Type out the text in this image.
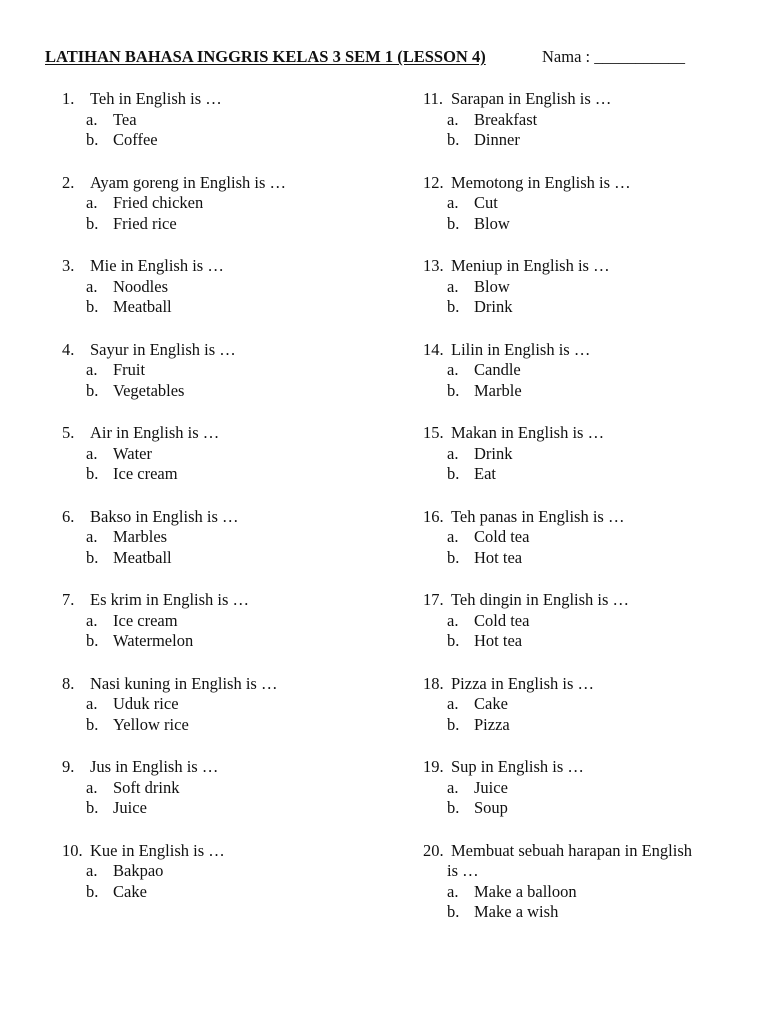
LATIHAN BAHASA INGGRIS KELAS 3 SEM 1 (LESSON 4)	Nama : ___________
1. Teh in English is …
a. Tea
b. Coffee
2. Ayam goreng in English is …
a. Fried chicken
b. Fried rice
3. Mie in English is …
a. Noodles
b. Meatball
4. Sayur in English is …
a. Fruit
b. Vegetables
5. Air in English is …
a. Water
b. Ice cream
6. Bakso in English is …
a. Marbles
b. Meatball
7. Es krim in English is …
a. Ice cream
b. Watermelon
8. Nasi kuning in English is …
a. Uduk rice
b. Yellow rice
9. Jus in English is …
a. Soft drink
b. Juice
10. Kue in English is …
a. Bakpao
b. Cake
11. Sarapan in English is …
a. Breakfast
b. Dinner
12. Memotong in English is …
a. Cut
b. Blow
13. Meniup in English is …
a. Blow
b. Drink
14. Lilin in English is …
a. Candle
b. Marble
15. Makan in English is …
a. Drink
b. Eat
16. Teh panas in English is …
a. Cold tea
b. Hot tea
17. Teh dingin in English is …
a. Cold tea
b. Hot tea
18. Pizza in English is …
a. Cake
b. Pizza
19. Sup in English is …
a. Juice
b. Soup
20. Membuat sebuah harapan in English
is …
a. Make a balloon
b. Make a wish
